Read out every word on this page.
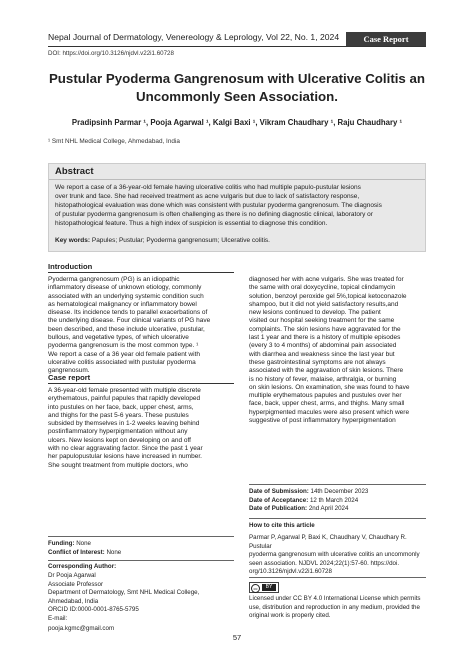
Nepal Journal of Dermatology, Venereology & Leprology, Vol 22, No. 1, 2024	Case Report
DOI: https://doi.org/10.3126/njdvl.v22i1.60728
Pustular Pyoderma Gangrenosum with Ulcerative Colitis an
Uncommonly Seen Association.
Pradipsinh Parmar ¹, Pooja Agarwal ¹, Kalgi Baxi ¹, Vikram Chaudhary ¹, Raju Chaudhary ¹
¹ Smt NHL Medical College, Ahmedabad, India
Abstract
We report a case of a 36-year-old female having ulcerative colitis who had multiple papulo-pustular lesions
over trunk and face. She had received treatment as acne vulgaris but due to lack of satisfactory response,
histopathological evaluation was done which was consistent with pustular pyoderma gangrenosum. The diagnosis
of pustular pyoderma gangrenosum is often challenging as there is no defining diagnostic clinical, laboratory or
histopathological feature. Thus a high index of suspicion is essential to diagnose this condition.
Key words: Papules; Pustular; Pyoderma gangrenosum; Ulcerative colitis.
Introduction
Pyoderma gangrenosum (PG) is an idiopathic
inflammatory disease of unknown etiology, commonly
associated with an underlying systemic condition such
as hematological malignancy or inflammatory bowel
disease. Its incidence tends to parallel exacerbations of
the underlying disease. Four clinical variants of PG have
been described, and these include ulcerative, pustular,
bullous, and vegetative types, of which ulcerative
pyoderma gangrenosum is the most common type. ¹
We report a case of a 36 year old female patient with
ulcerative colitis associated with pustular pyoderma
gangrenosum.
Case report
A 36-year-old female presented with multiple discrete
erythematous, painful papules that rapidly developed
into pustules on her face, back, upper chest, arms,
and thighs for the past 5-6 years. These pustules
subsided by themselves in 1-2 weeks leaving behind
postinflammatory hyperpigmentation without any
ulcers. New lesions kept on developing on and off
with no clear aggravating factor. Since the past 1 year
her papulopustular lesions have increased in number.
She sought treatment from multiple doctors, who
diagnosed her with acne vulgaris. She was treated for
the same with oral doxycycline, topical clindamycin
solution, benzoyl peroxide gel 5%,topical ketoconazole
shampoo, but it did not yield satisfactory results,and
new lesions continued to develop. The patient
visited our hospital seeking treatment for the same
complaints. The skin lesions have aggravated for the
last 1 year and there is a history of multiple episodes
(every 3 to 4 months) of abdominal pain associated
with diarrhea and weakness since the last year but
these gastrointestinal symptoms are not always
associated with the aggravation of skin lesions. There
is no history of fever, malaise, arthralgia, or burning
on skin lesions. On examination, she was found to have
multiple erythematous papules and pustules over her
face, back, upper chest, arms, and thighs. Many small
hyperpigmented macules were also present which were
suggestive of post inflammatory hyperpigmentation
Date of Submission: 14th December 2023
Date of Acceptance: 12 th March 2024
Date of Publication: 2nd April 2024
How to cite this article
Parmar P, Agarwal P, Baxi K, Chaudhary V, Chaudhary R. Pustular
pyoderma gangrenosum with ulcerative colitis an uncommonly
seen association. NJDVL 2024;22(1):57-60. https://doi.
org/10.3126/njdvl.v22i1.60728
cc	BY
Licensed under CC BY 4.0 International License which permits
use, distribution and reproduction in any medium, provided the
original work is properly cited.
Funding: None
Conflict of Interest: None
Corresponding Author:
Dr Pooja Agarwal
Associate Professor
Department of Dermatology, Smt NHL Medical College,
Ahmedabad, India
ORCID ID:0000-0001-8765-5795
E-mail:
pooja.kgmc@gmail.com
57
